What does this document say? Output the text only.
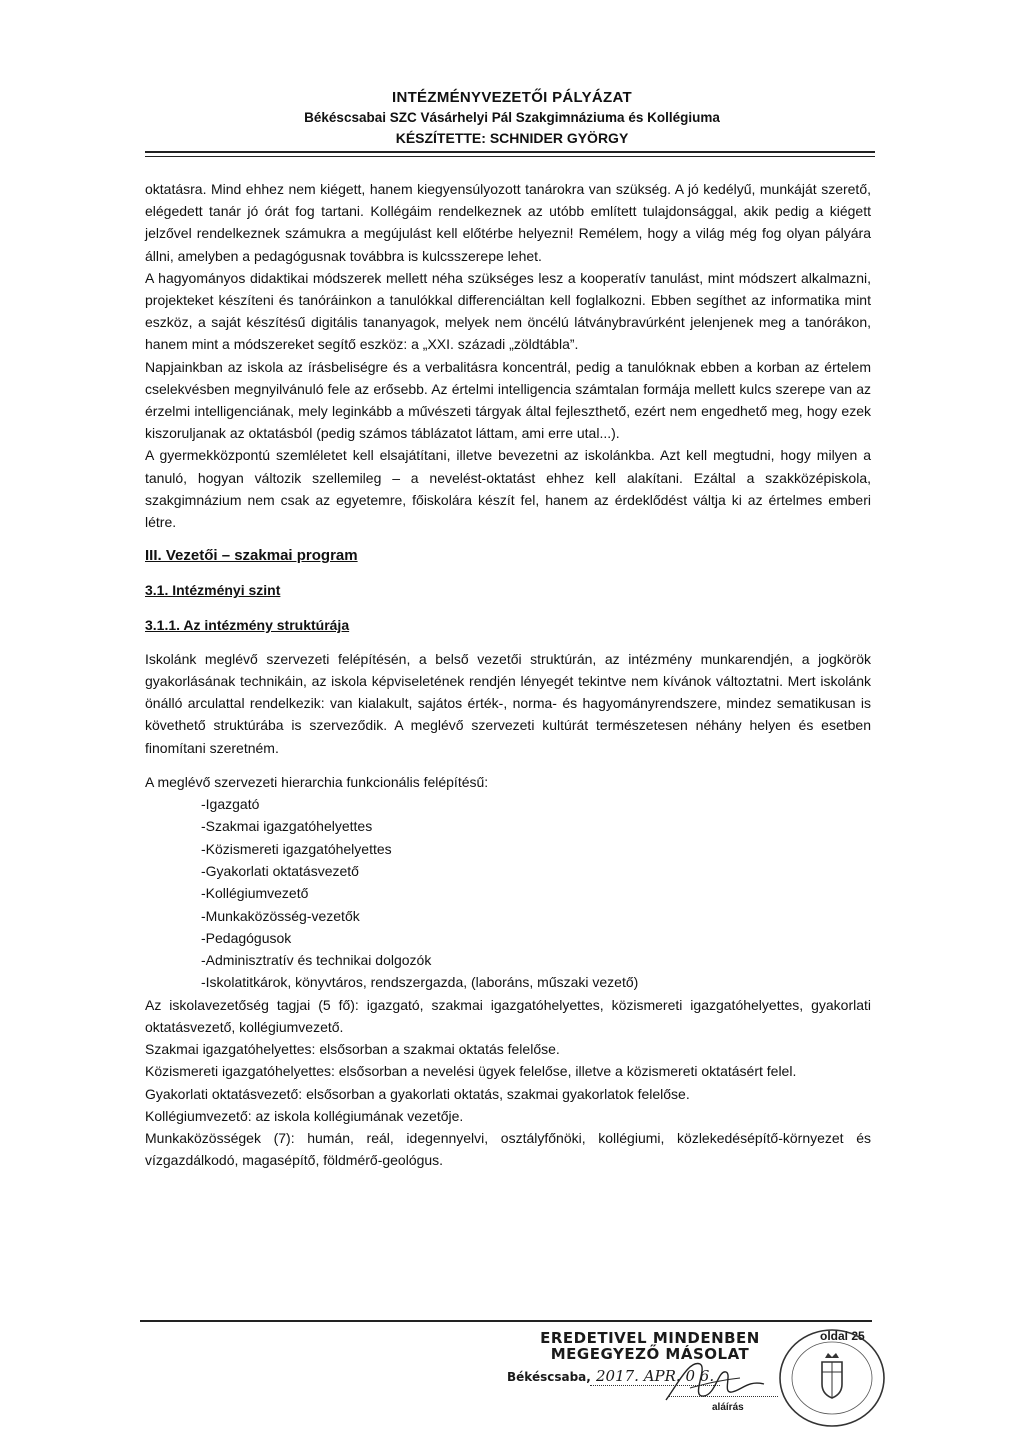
INTÉZMÉNYVEZETŐI PÁLYÁZAT
Békéscsabai SZC Vásárhelyi Pál Szakgimnáziuma és Kollégiuma
KÉSZÍTETTE: SCHNIDER GYÖRGY

oktatásra. Mind ehhez nem kiégett, hanem kiegyensúlyozott tanárokra van szükség. A jó kedélyű, munkáját szerető, elégedett tanár jó órát fog tartani. Kollégáim rendelkeznek az utóbb említett tulajdonsággal, akik pedig a kiégett jelzővel rendelkeznek számukra a megújulást kell előtérbe helyezni! Remélem, hogy a világ még fog olyan pályára állni, amelyben a pedagógusnak továbbra is kulcsszerepe lehet.

A hagyományos didaktikai módszerek mellett néha szükséges lesz a kooperatív tanulást, mint módszert alkalmazni, projekteket készíteni és tanóráinkon a tanulókkal differenciáltan kell foglalkozni. Ebben segíthet az informatika mint eszköz, a saját készítésű digitális tananyagok, melyek nem öncélú látványbravúrként jelenjenek meg a tanórákon, hanem mint a módszereket segítő eszköz: a „XXI. századi „zöldtábla”.

Napjainkban az iskola az írásbeliségre és a verbalitásra koncentrál, pedig a tanulóknak ebben a korban az értelem cselekvésben megnyilvánuló fele az erősebb. Az értelmi intelligencia számtalan formája mellett kulcs szerepe van az érzelmi intelligenciának, mely leginkább a művészeti tárgyak által fejleszthető, ezért nem engedhető meg, hogy ezek kiszoruljanak az oktatásból (pedig számos táblázatot láttam, ami erre utal...).

A gyermekközpontú szemléletet kell elsajátítani, illetve bevezetni az iskolánkba. Azt kell megtudni, hogy milyen a tanuló, hogyan változik szellemileg – a nevelést-oktatást ehhez kell alakítani. Ezáltal a szakközépiskola, szakgimnázium nem csak az egyetemre, főiskolára készít fel, hanem az érdeklődést váltja ki az értelmes emberi létre.

III. Vezetői – szakmai program

3.1. Intézményi szint

3.1.1. Az intézmény struktúrája

Iskolánk meglévő szervezeti felépítésén, a belső vezetői struktúrán, az intézmény munkarendjén, a jogkörök gyakorlásának technikáin, az iskola képviseletének rendjén lényegét tekintve nem kívánok változtatni. Mert iskolánk önálló arculattal rendelkezik: van kialakult, sajátos érték-, norma- és hagyományrendszere, mindez sematikusan is követhető struktúrába is szerveződik. A meglévő szervezeti kultúrát természetesen néhány helyen és esetben finomítani szeretném.

A meglévő szervezeti hierarchia funkcionális felépítésű:

-Igazgató
-Szakmai igazgatóhelyettes
-Közismereti igazgatóhelyettes
-Gyakorlati oktatásvezető
-Kollégiumvezető
-Munkaközösség-vezetők
-Pedagógusok
-Adminisztratív és technikai dolgozók
-Iskolatitkárok, könyvtáros, rendszergazda, (laboráns, műszaki vezető)

Az iskolavezetőség tagjai (5 fő): igazgató, szakmai igazgatóhelyettes, közismereti igazgatóhelyettes, gyakorlati oktatásvezető, kollégiumvezető.

Szakmai igazgatóhelyettes: elsősorban a szakmai oktatás felelőse.

Közismereti igazgatóhelyettes: elsősorban a nevelési ügyek felelőse, illetve a közismereti oktatásért felel.

Gyakorlati oktatásvezető: elsősorban a gyakorlati oktatás, szakmai gyakorlatok felelőse.

Kollégiumvezető: az iskola kollégiumának vezetője.

Munkaközösségek (7): humán, reál, idegennyelvi, osztályfőnöki, kollégiumi, közlekedésépítő-környezet és vízgazdálkodó, magasépítő, földmérő-geológus.

EREDETIVEL MINDENBEN
MEGEGYEZŐ MÁSOLAT
Békéscsaba, 2017. APR. 0 6.
aláírás
oldal 25
